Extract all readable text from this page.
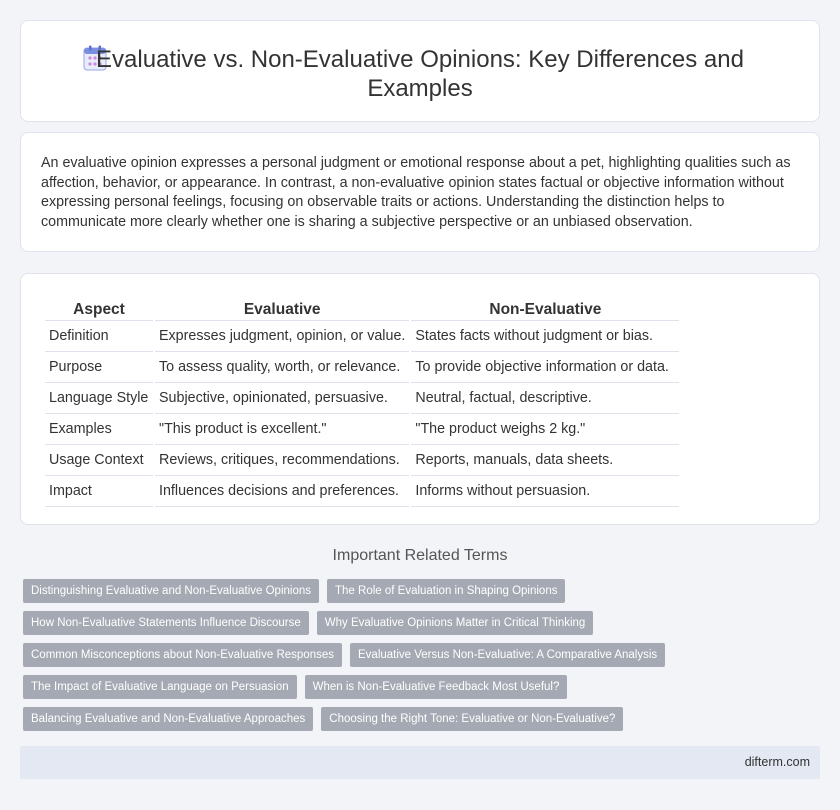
Evaluative vs. Non-Evaluative Opinions: Key Differences and
Examples

An evaluative opinion expresses a personal judgment or emotional response about a pet, highlighting qualities such as affection, behavior, or appearance. In contrast, a non-evaluative opinion states factual or objective information without expressing personal feelings, focusing on observable traits or actions. Understanding the distinction helps to communicate more clearly whether one is sharing a subjective perspective or an unbiased observation.

Aspect	Evaluative	Non-Evaluative
Definition	Expresses judgment, opinion, or value.	States facts without judgment or bias.
Purpose	To assess quality, worth, or relevance.	To provide objective information or data.
Language Style	Subjective, opinionated, persuasive.	Neutral, factual, descriptive.
Examples	"This product is excellent."	"The product weighs 2 kg."
Usage Context	Reviews, critiques, recommendations.	Reports, manuals, data sheets.
Impact	Influences decisions and preferences.	Informs without persuasion.
Important Related Terms
Distinguishing Evaluative and Non-Evaluative Opinions	The Role of Evaluation in Shaping Opinions
How Non-Evaluative Statements Influence Discourse	Why Evaluative Opinions Matter in Critical Thinking
Common Misconceptions about Non-Evaluative Responses	Evaluative Versus Non-Evaluative: A Comparative Analysis
The Impact of Evaluative Language on Persuasion	When is Non-Evaluative Feedback Most Useful?
Balancing Evaluative and Non-Evaluative Approaches	Choosing the Right Tone: Evaluative or Non-Evaluative?
difterm.com
